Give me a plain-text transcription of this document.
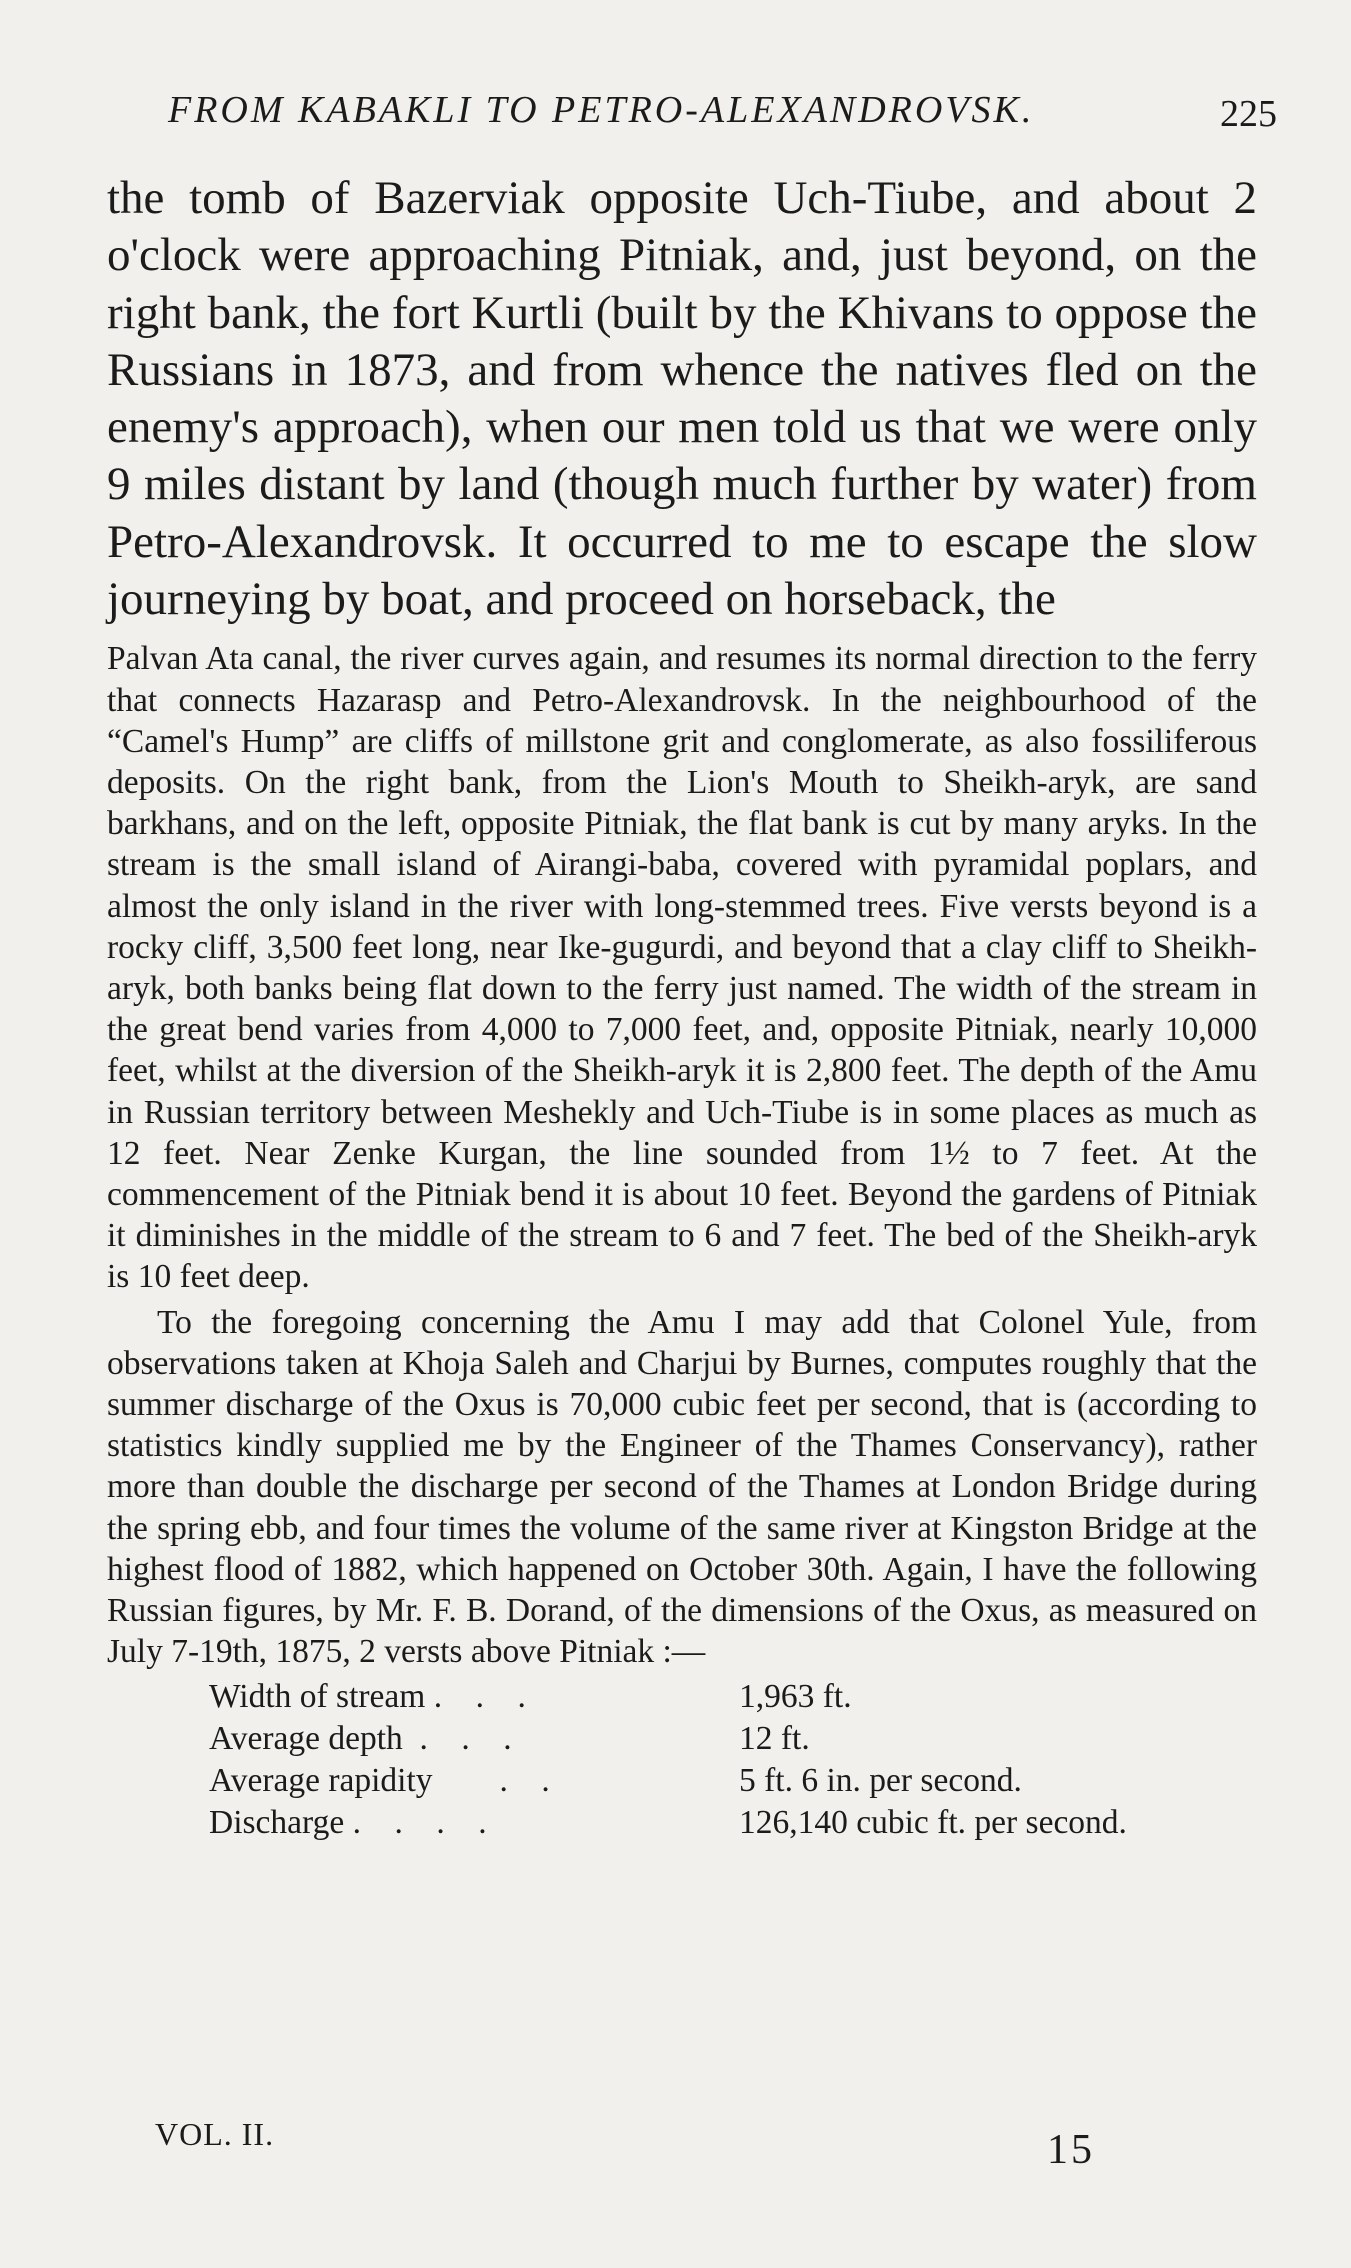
FROM KABAKLI TO PETRO-ALEXANDROVSK.	225

the tomb of Bazerviak opposite Uch-Tiube, and about 2 o'clock were approaching Pitniak, and, just beyond, on the right bank, the fort Kurtli (built by the Khivans to oppose the Russians in 1873, and from whence the natives fled on the enemy's approach), when our men told us that we were only 9 miles distant by land (though much further by water) from Petro-Alexandrovsk. It occurred to me to escape the slow journeying by boat, and proceed on horseback, the

Palvan Ata canal, the river curves again, and resumes its normal direction to the ferry that connects Hazarasp and Petro-Alexandrovsk. In the neighbourhood of the “Camel's Hump” are cliffs of millstone grit and conglomerate, as also fossiliferous deposits. On the right bank, from the Lion's Mouth to Sheikh-aryk, are sand barkhans, and on the left, opposite Pitniak, the flat bank is cut by many aryks. In the stream is the small island of Airangi-baba, covered with pyramidal poplars, and almost the only island in the river with long-stemmed trees. Five versts beyond is a rocky cliff, 3,500 feet long, near Ike-gugurdi, and beyond that a clay cliff to Sheikh-aryk, both banks being flat down to the ferry just named. The width of the stream in the great bend varies from 4,000 to 7,000 feet, and, opposite Pitniak, nearly 10,000 feet, whilst at the diversion of the Sheikh-aryk it is 2,800 feet. The depth of the Amu in Russian territory between Meshekly and Uch-Tiube is in some places as much as 12 feet. Near Zenke Kurgan, the line sounded from 1½ to 7 feet. At the commencement of the Pitniak bend it is about 10 feet. Beyond the gardens of Pitniak it diminishes in the middle of the stream to 6 and 7 feet. The bed of the Sheikh-aryk is 10 feet deep.

To the foregoing concerning the Amu I may add that Colonel Yule, from observations taken at Khoja Saleh and Charjui by Burnes, computes roughly that the summer discharge of the Oxus is 70,000 cubic feet per second, that is (according to statistics kindly supplied me by the Engineer of the Thames Conservancy), rather more than double the discharge per second of the Thames at London Bridge during the spring ebb, and four times the volume of the same river at Kingston Bridge at the highest flood of 1882, which happened on October 30th. Again, I have the following Russian figures, by Mr. F. B. Dorand, of the dimensions of the Oxus, as measured on July 7-19th, 1875, 2 versts above Pitniak :—

Width of stream .    .    .	1,963 ft.
Average depth  .    .    .	12 ft.
Average rapidity        .    .	5 ft. 6 in. per second.
Discharge .    .    .    .	126,140 cubic ft. per second.
VOL. II.	15
